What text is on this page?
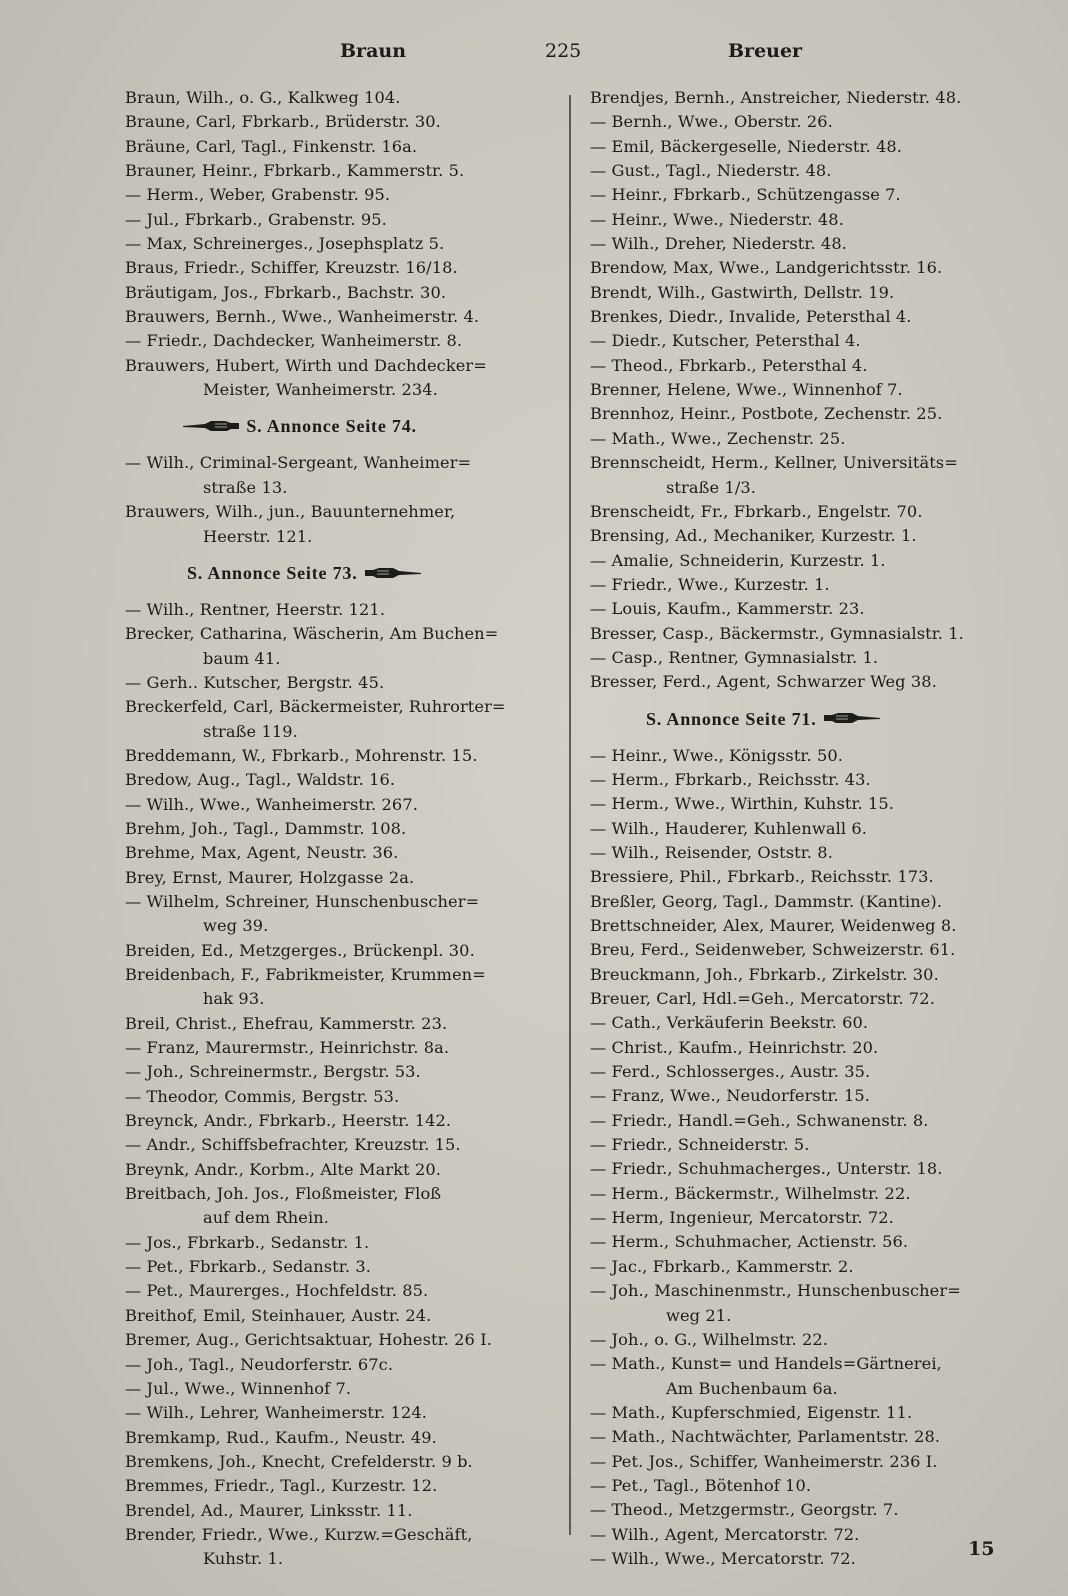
Braun	225	Breuer
Braun, Wilh., o. G., Kalkweg 104.
Braune, Carl, Fbrkarb., Brüderstr. 30.
Bräune, Carl, Tagl., Finkenstr. 16a.
Brauner, Heinr., Fbrkarb., Kammerstr. 5.
— Herm., Weber, Grabenstr. 95.
— Jul., Fbrkarb., Grabenstr. 95.
— Max, Schreinerges., Josephsplatz 5.
Braus, Friedr., Schiffer, Kreuzstr. 16/18.
Bräutigam, Jos., Fbrkarb., Bachstr. 30.
Brauwers, Bernh., Wwe., Wanheimerstr. 4.
— Friedr., Dachdecker, Wanheimerstr. 8.
Brauwers, Hubert, Wirth und Dachdecker=
Meister, Wanheimerstr. 234.
S. Annonce Seite 74.
— Wilh., Criminal-Sergeant, Wanheimer=
straße 13.
Brauwers, Wilh., jun., Bauunternehmer,
Heerstr. 121.
S. Annonce Seite 73.
— Wilh., Rentner, Heerstr. 121.
Brecker, Catharina, Wäscherin, Am Buchen=
baum 41.
— Gerh.. Kutscher, Bergstr. 45.
Breckerfeld, Carl, Bäckermeister, Ruhrorter=
straße 119.
Breddemann, W., Fbrkarb., Mohrenstr. 15.
Bredow, Aug., Tagl., Waldstr. 16.
— Wilh., Wwe., Wanheimerstr. 267.
Brehm, Joh., Tagl., Dammstr. 108.
Brehme, Max, Agent, Neustr. 36.
Brey, Ernst, Maurer, Holzgasse 2a.
— Wilhelm, Schreiner, Hunschenbuscher=
weg 39.
Breiden, Ed., Metzgerges., Brückenpl. 30.
Breidenbach, F., Fabrikmeister, Krummen=
hak 93.
Breil, Christ., Ehefrau, Kammerstr. 23.
— Franz, Maurermstr., Heinrichstr. 8a.
— Joh., Schreinermstr., Bergstr. 53.
— Theodor, Commis, Bergstr. 53.
Breynck, Andr., Fbrkarb., Heerstr. 142.
— Andr., Schiffsbefrachter, Kreuzstr. 15.
Breynk, Andr., Korbm., Alte Markt 20.
Breitbach, Joh. Jos., Floßmeister, Floß
auf dem Rhein.
— Jos., Fbrkarb., Sedanstr. 1.
— Pet., Fbrkarb., Sedanstr. 3.
— Pet., Maurerges., Hochfeldstr. 85.
Breithof, Emil, Steinhauer, Austr. 24.
Bremer, Aug., Gerichtsaktuar, Hohestr. 26 I.
— Joh., Tagl., Neudorferstr. 67c.
— Jul., Wwe., Winnenhof 7.
— Wilh., Lehrer, Wanheimerstr. 124.
Bremkamp, Rud., Kaufm., Neustr. 49.
Bremkens, Joh., Knecht, Crefelderstr. 9 b.
Bremmes, Friedr., Tagl., Kurzestr. 12.
Brendel, Ad., Maurer, Linksstr. 11.
Brender, Friedr., Wwe., Kurzw.=Geschäft,
Kuhstr. 1.
Brendjes, Bernh., Anstreicher, Niederstr. 48.
— Bernh., Wwe., Oberstr. 26.
— Emil, Bäckergeselle, Niederstr. 48.
— Gust., Tagl., Niederstr. 48.
— Heinr., Fbrkarb., Schützengasse 7.
— Heinr., Wwe., Niederstr. 48.
— Wilh., Dreher, Niederstr. 48.
Brendow, Max, Wwe., Landgerichtsstr. 16.
Brendt, Wilh., Gastwirth, Dellstr. 19.
Brenkes, Diedr., Invalide, Petersthal 4.
— Diedr., Kutscher, Petersthal 4.
— Theod., Fbrkarb., Petersthal 4.
Brenner, Helene, Wwe., Winnenhof 7.
Brennhoz, Heinr., Postbote, Zechenstr. 25.
— Math., Wwe., Zechenstr. 25.
Brennscheidt, Herm., Kellner, Universitäts=
straße 1/3.
Brenscheidt, Fr., Fbrkarb., Engelstr. 70.
Brensing, Ad., Mechaniker, Kurzestr. 1.
— Amalie, Schneiderin, Kurzestr. 1.
— Friedr., Wwe., Kurzestr. 1.
— Louis, Kaufm., Kammerstr. 23.
Bresser, Casp., Bäckermstr., Gymnasialstr. 1.
— Casp., Rentner, Gymnasialstr. 1.
Bresser, Ferd., Agent, Schwarzer Weg 38.
S. Annonce Seite 71.
— Heinr., Wwe., Königsstr. 50.
— Herm., Fbrkarb., Reichsstr. 43.
— Herm., Wwe., Wirthin, Kuhstr. 15.
— Wilh., Hauderer, Kuhlenwall 6.
— Wilh., Reisender, Oststr. 8.
Bressiere, Phil., Fbrkarb., Reichsstr. 173.
Breßler, Georg, Tagl., Dammstr. (Kantine).
Brettschneider, Alex, Maurer, Weidenweg 8.
Breu, Ferd., Seidenweber, Schweizerstr. 61.
Breuckmann, Joh., Fbrkarb., Zirkelstr. 30.
Breuer, Carl, Hdl.=Geh., Mercatorstr. 72.
— Cath., Verkäuferin Beekstr. 60.
— Christ., Kaufm., Heinrichstr. 20.
— Ferd., Schlosserges., Austr. 35.
— Franz, Wwe., Neudorferstr. 15.
— Friedr., Handl.=Geh., Schwanenstr. 8.
— Friedr., Schneiderstr. 5.
— Friedr., Schuhmacherges., Unterstr. 18.
— Herm., Bäckermstr., Wilhelmstr. 22.
— Herm, Ingenieur, Mercatorstr. 72.
— Herm., Schuhmacher, Actienstr. 56.
— Jac., Fbrkarb., Kammerstr. 2.
— Joh., Maschinenmstr., Hunschenbuscher=
weg 21.
— Joh., o. G., Wilhelmstr. 22.
— Math., Kunst= und Handels=Gärtnerei,
Am Buchenbaum 6a.
— Math., Kupferschmied, Eigenstr. 11.
— Math., Nachtwächter, Parlamentstr. 28.
— Pet. Jos., Schiffer, Wanheimerstr. 236 I.
— Pet., Tagl., Bötenhof 10.
— Theod., Metzgermstr., Georgstr. 7.
— Wilh., Agent, Mercatorstr. 72.
— Wilh., Wwe., Mercatorstr. 72.	15
